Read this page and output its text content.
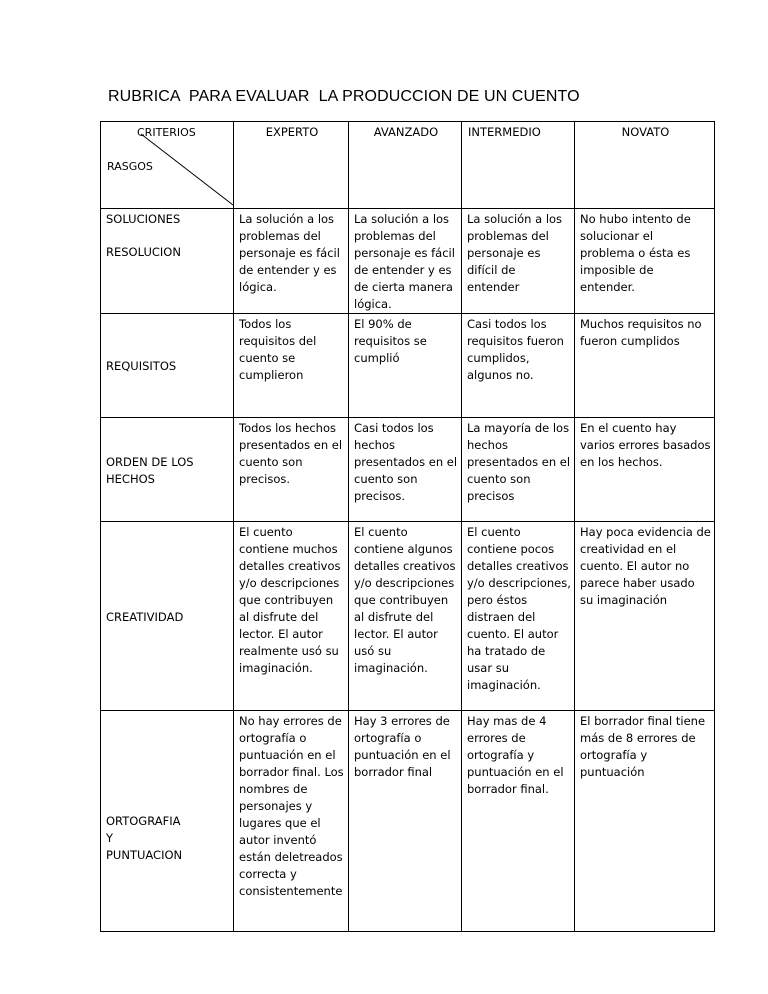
RUBRICA  PARA EVALUAR  LA PRODUCCION DE UN CUENTO
CRITERIOS
RASGOS	EXPERTO	AVANZADO	INTERMEDIO	NOVATO

SOLUCIONES
RESOLUCION	La solución a los problemas del personaje es fácil de entender y es lógica.	La solución a los problemas del personaje es fácil de entender y es de cierta manera lógica.	La solución a los problemas del personaje es difícil de entender	No hubo intento de solucionar el problema o ésta es imposible de entender.

REQUISITOS	Todos los requisitos del cuento se cumplieron	El 90% de requisitos se cumplió	Casi todos los requisitos fueron cumplidos, algunos no.	Muchos requisitos no fueron cumplidos

ORDEN DE LOS
HECHOS	Todos los hechos presentados en el cuento son precisos.	Casi todos los hechos presentados en el cuento son precisos.	La mayoría de los hechos presentados en el cuento son precisos	En el cuento hay varios errores basados en los hechos.

CREATIVIDAD	El cuento contiene muchos detalles creativos y/o descripciones que contribuyen al disfrute del lector. El autor realmente usó su imaginación.	El cuento contiene algunos detalles creativos y/o descripciones que contribuyen al disfrute del lector. El autor usó su imaginación.	El cuento contiene pocos detalles creativos y/o descripciones, pero éstos distraen del cuento. El autor ha tratado de usar su imaginación.	Hay poca evidencia de creatividad en el cuento. El autor no parece haber usado su imaginación

ORTOGRAFIA
Y
PUNTUACION	No hay errores de ortografía o puntuación en el borrador final. Los nombres de personajes y lugares que el autor inventó están deletreados correcta y consistentemente	Hay 3 errores de ortografía o puntuación en el borrador final	Hay mas de 4 errores de ortografía y puntuación en el borrador final.	El borrador final tiene más de 8 errores de ortografía y puntuación
